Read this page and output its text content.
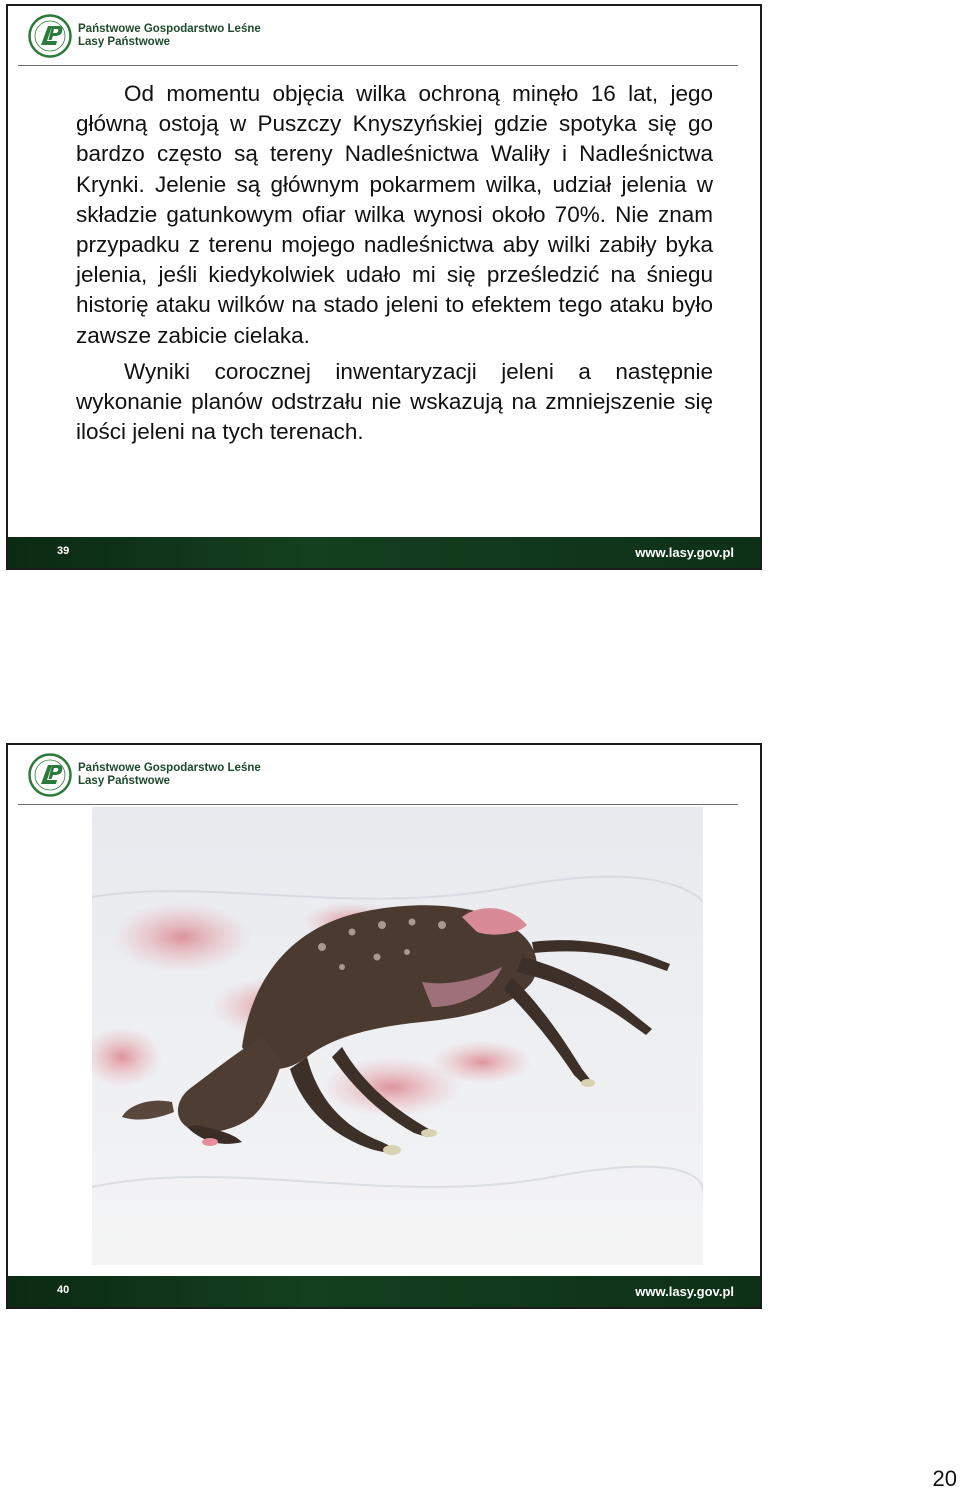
Państwowe Gospodarstwo Leśne
Lasy Państwowe

Od momentu objęcia wilka ochroną minęło 16 lat, jego główną ostoją w Puszczy Knyszyńskiej gdzie spotyka się go bardzo często są tereny Nadleśnictwa Waliły i Nadleśnictwa Krynki. Jelenie są głównym pokarmem wilka, udział jelenia w składzie gatunkowym ofiar wilka wynosi około 70%. Nie znam przypadku z terenu mojego nadleśnictwa aby wilki zabiły byka jelenia, jeśli kiedykolwiek udało mi się prześledzić na śniegu historię ataku wilków na stado jeleni to efektem tego ataku było zawsze zabicie cielaka.

Wyniki corocznej inwentaryzacji jeleni a następnie wykonanie planów odstrzału nie wskazują na zmniejszenie się ilości jeleni na tych terenach.

39	www.lasy.gov.pl
Państwowe Gospodarstwo Leśne
Lasy Państwowe
40	www.lasy.gov.pl
20
